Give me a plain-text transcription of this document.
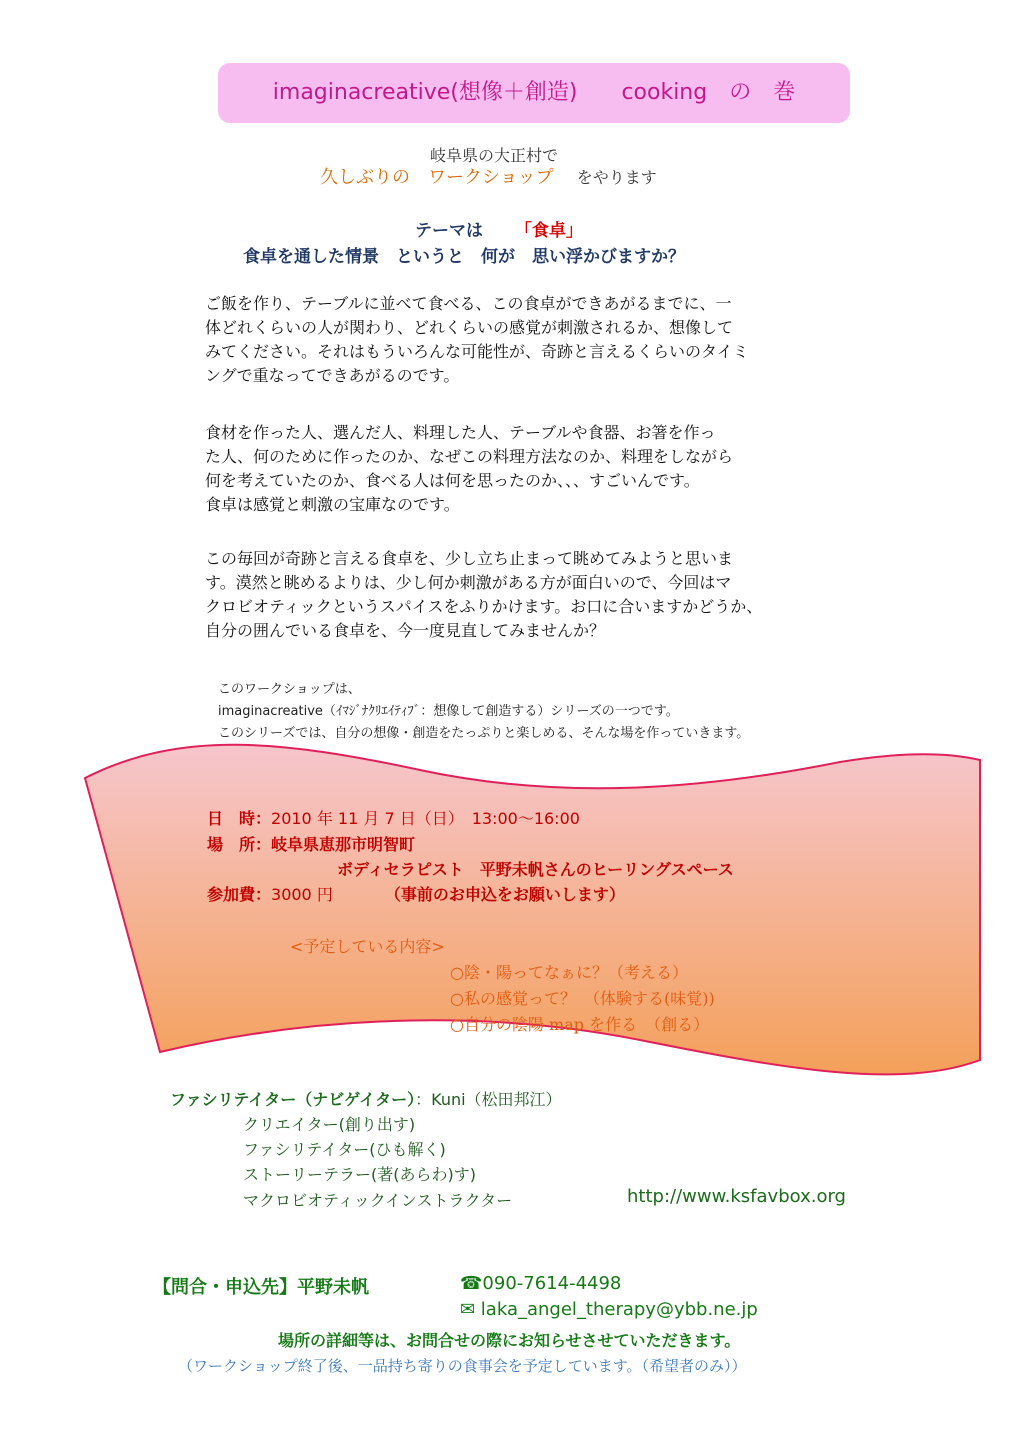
imaginacreative(想像＋創造)　　cooking　の　巻
岐阜県の大正村で
久しぶりの　ワークショップ をやります
テーマは 「食卓」
食卓を通した情景　というと　何が　思い浮かびますか？
ご飯を作り、テーブルに並べて食べる、この食卓ができあがるまでに、一
体どれくらいの人が関わり、どれくらいの感覚が刺激されるか、想像して
みてください。それはもういろんな可能性が、奇跡と言えるくらいのタイミ
ングで重なってできあがるのです。
食材を作った人、選んだ人、料理した人、テーブルや食器、お箸を作っ
た人、何のために作ったのか、なぜこの料理方法なのか、料理をしながら
何を考えていたのか、食べる人は何を思ったのか、、、すごいんです。
食卓は感覚と刺激の宝庫なのです。
この毎回が奇跡と言える食卓を、少し立ち止まって眺めてみようと思いま
す。漠然と眺めるよりは、少し何か刺激がある方が面白いので、今回はマ
クロビオティックというスパイスをふりかけます。お口に合いますかどうか、
自分の囲んでいる食卓を、今一度見直してみませんか？
このワークショップは、
imaginacreative（ｲﾏｼﾞﾅｸﾘｴｲﾃｨﾌﾞ：想像して創造する）シリーズの一つです。
このシリーズでは、自分の想像・創造をたっぷりと楽しめる、そんな場を作っていきます。
日　時：2010 年 11 月 7 日（日）　13:00～16:00
場　所：岐阜県恵那市明智町
ボディセラピスト　平野未帆さんのヒーリングスペース
参加費：3000 円	（事前のお申込をお願いします）
<予定している内容>
○陰・陽ってなぁに？（考える）
○私の感覚って？　（体験する(味覚))
○自分の陰陽 map を作る　（創る）
ファシリテイター（ナビゲイター）：Kuni（松田邦江）
クリエイター(創り出す)
ファシリテイター(ひも解く)
ストーリーテラー(著(あらわ)す)
マクロビオティックインストラクター	http://www.ksfavbox.org
【問合・申込先】平野未帆	☎090-7614-4498
✉ laka_angel_therapy@ybb.ne.jp
場所の詳細等は、お問合せの際にお知らせさせていただきます。
（ワークショップ終了後、一品持ち寄りの食事会を予定しています。（希望者のみ））
